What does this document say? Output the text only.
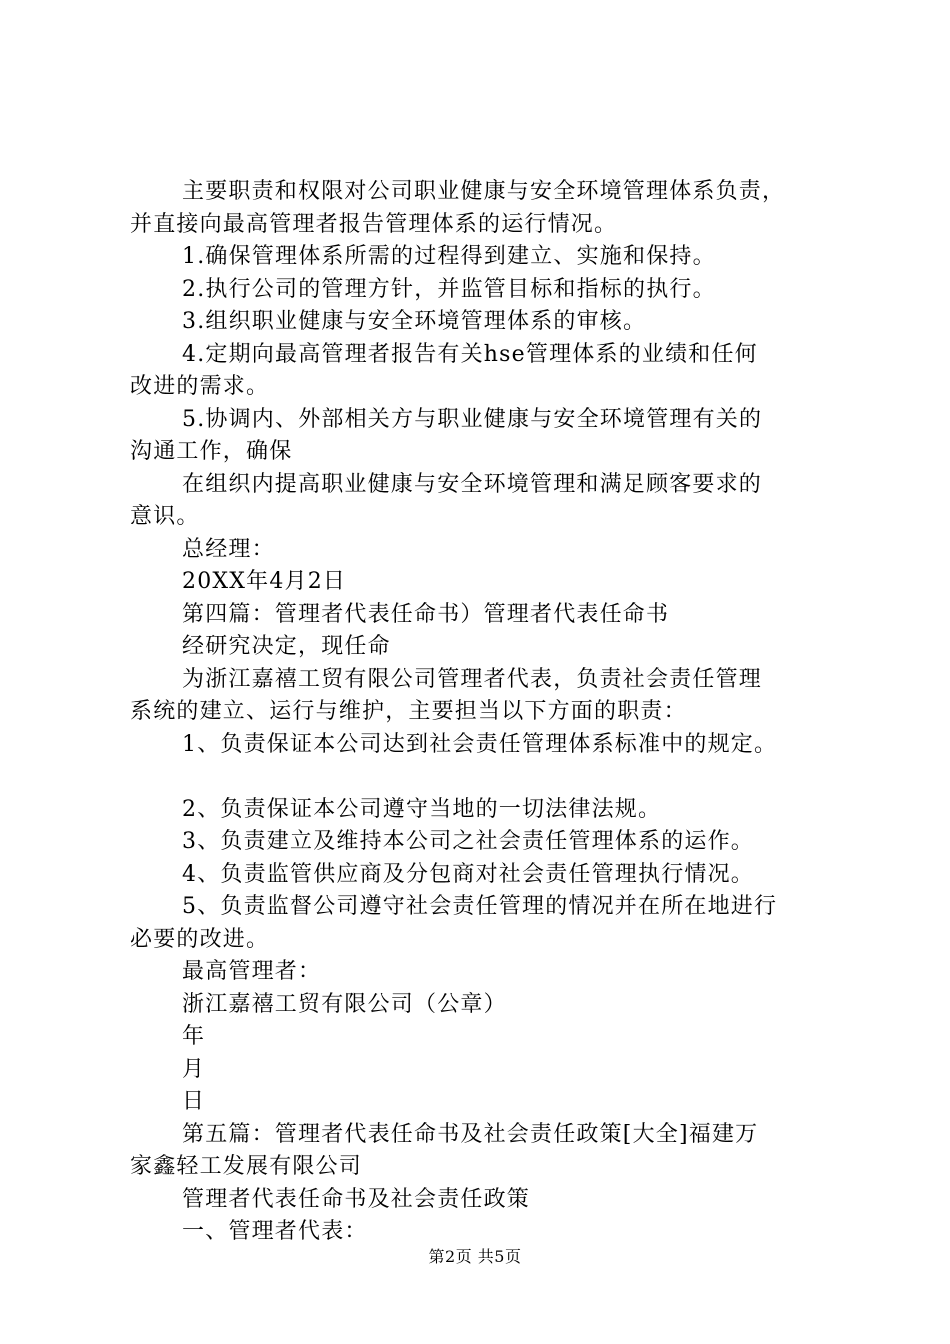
主要职责和权限对公司职业健康与安全环境管理体系负责，
并直接向最高管理者报告管理体系的运行情况。
1.确保管理体系所需的过程得到建立、实施和保持。
2.执行公司的管理方针，并监管目标和指标的执行。
3.组织职业健康与安全环境管理体系的审核。
4.定期向最高管理者报告有关hse管理体系的业绩和任何
改进的需求。
5.协调内、外部相关方与职业健康与安全环境管理有关的
沟通工作，确保
在组织内提高职业健康与安全环境管理和满足顾客要求的
意识。
总经理：
20XX年4月2日
第四篇：管理者代表任命书）管理者代表任命书
经研究决定，现任命
为浙江嘉禧工贸有限公司管理者代表，负责社会责任管理
系统的建立、运行与维护，主要担当以下方面的职责：
1、负责保证本公司达到社会责任管理体系标准中的规定。
2、负责保证本公司遵守当地的一切法律法规。
3、负责建立及维持本公司之社会责任管理体系的运作。
4、负责监管供应商及分包商对社会责任管理执行情况。
5、负责监督公司遵守社会责任管理的情况并在所在地进行
必要的改进。
最高管理者：
浙江嘉禧工贸有限公司（公章）
年
月
日
第五篇：管理者代表任命书及社会责任政策[大全]福建万
家鑫轻工发展有限公司
管理者代表任命书及社会责任政策
一、管理者代表：
第2页 共5页
